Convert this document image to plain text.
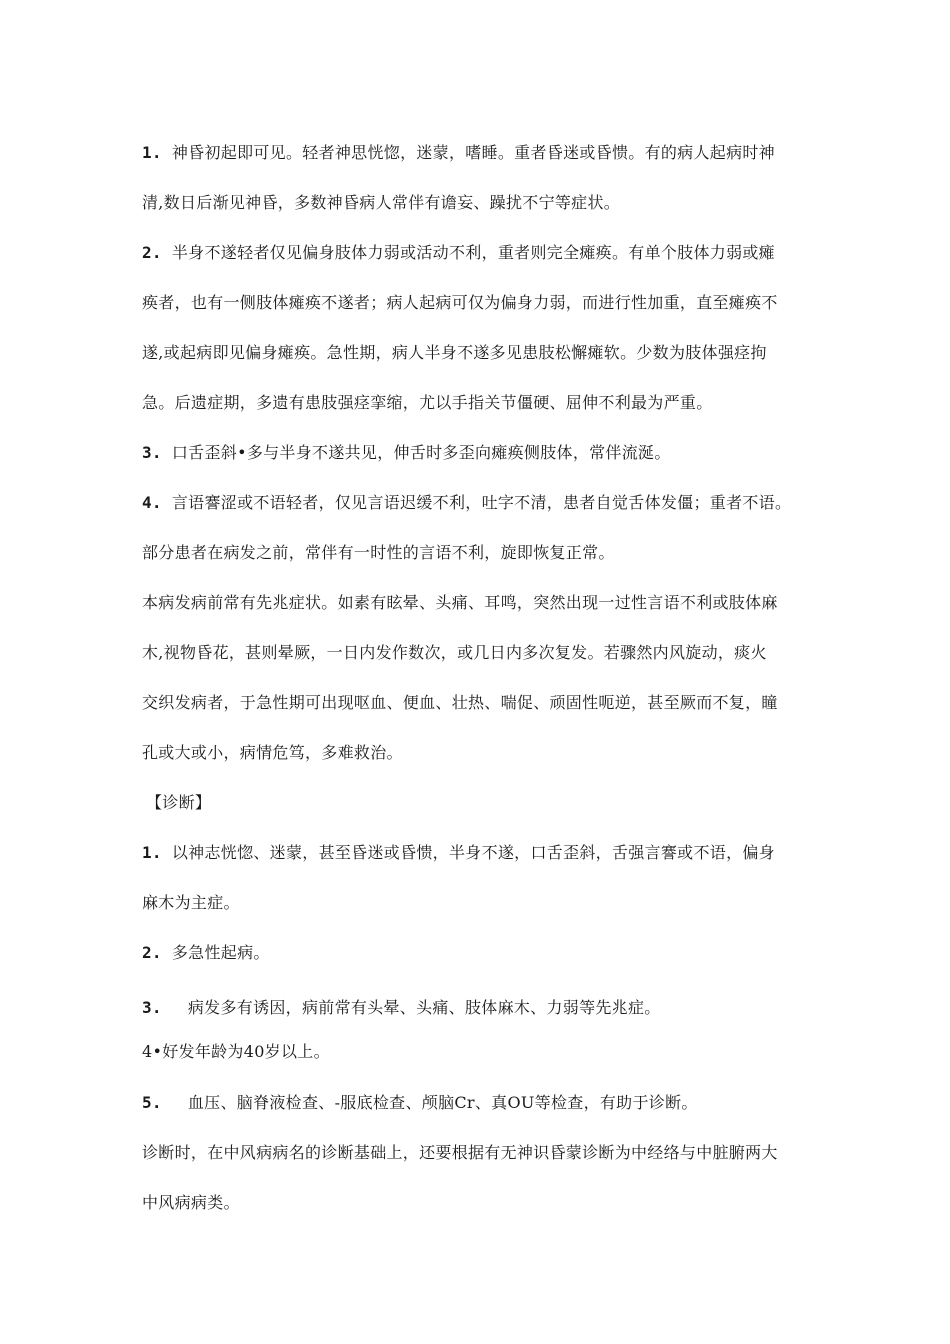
1. 神昏初起即可见。轻者神思恍惚，迷蒙，嗜睡。重者昏迷或昏愦。有的病人起病时神
清,数日后渐见神昏，多数神昏病人常伴有谵妄、躁扰不宁等症状。
2. 半身不遂轻者仅见偏身肢体力弱或活动不利，重者则完全瘫痪。有单个肢体力弱或瘫
痪者，也有一侧肢体瘫痪不遂者；病人起病可仅为偏身力弱，而进行性加重，直至瘫痪不
遂,或起病即见偏身瘫痪。急性期，病人半身不遂多见患肢松懈瘫软。少数为肢体强痉拘
急。后遗症期，多遗有患肢强痉挛缩，尤以手指关节僵硬、屈伸不利最为严重。
3. 口舌歪斜•多与半身不遂共见，伸舌时多歪向瘫痪侧肢体，常伴流涎。
4. 言语謇涩或不语轻者，仅见言语迟缓不利，吐字不清，患者自觉舌体发僵；重者不语。
部分患者在病发之前，常伴有一时性的言语不利，旋即恢复正常。
本病发病前常有先兆症状。如素有眩晕、头痛、耳鸣，突然出现一过性言语不利或肢体麻
木,视物昏花，甚则晕厥，一日内发作数次，或几日内多次复发。若骤然内风旋动，痰火
交织发病者，于急性期可出现呕血、便血、壮热、喘促、顽固性呃逆，甚至厥而不复，瞳
孔或大或小，病情危笃，多难救治。
【诊断】
1. 以神志恍惚、迷蒙，甚至昏迷或昏愦，半身不遂，口舌歪斜，舌强言謇或不语，偏身
麻木为主症。
2. 多急性起病。
3. 病发多有诱因，病前常有头晕、头痛、肢体麻木、力弱等先兆症。
4•好发年龄为40岁以上。
5. 血压、脑脊液检查、-服底检查、颅脑Cr、真OU等检查，有助于诊断。
诊断时，在中风病病名的诊断基础上，还要根据有无神识昏蒙诊断为中经络与中脏腑两大
中风病病类。
